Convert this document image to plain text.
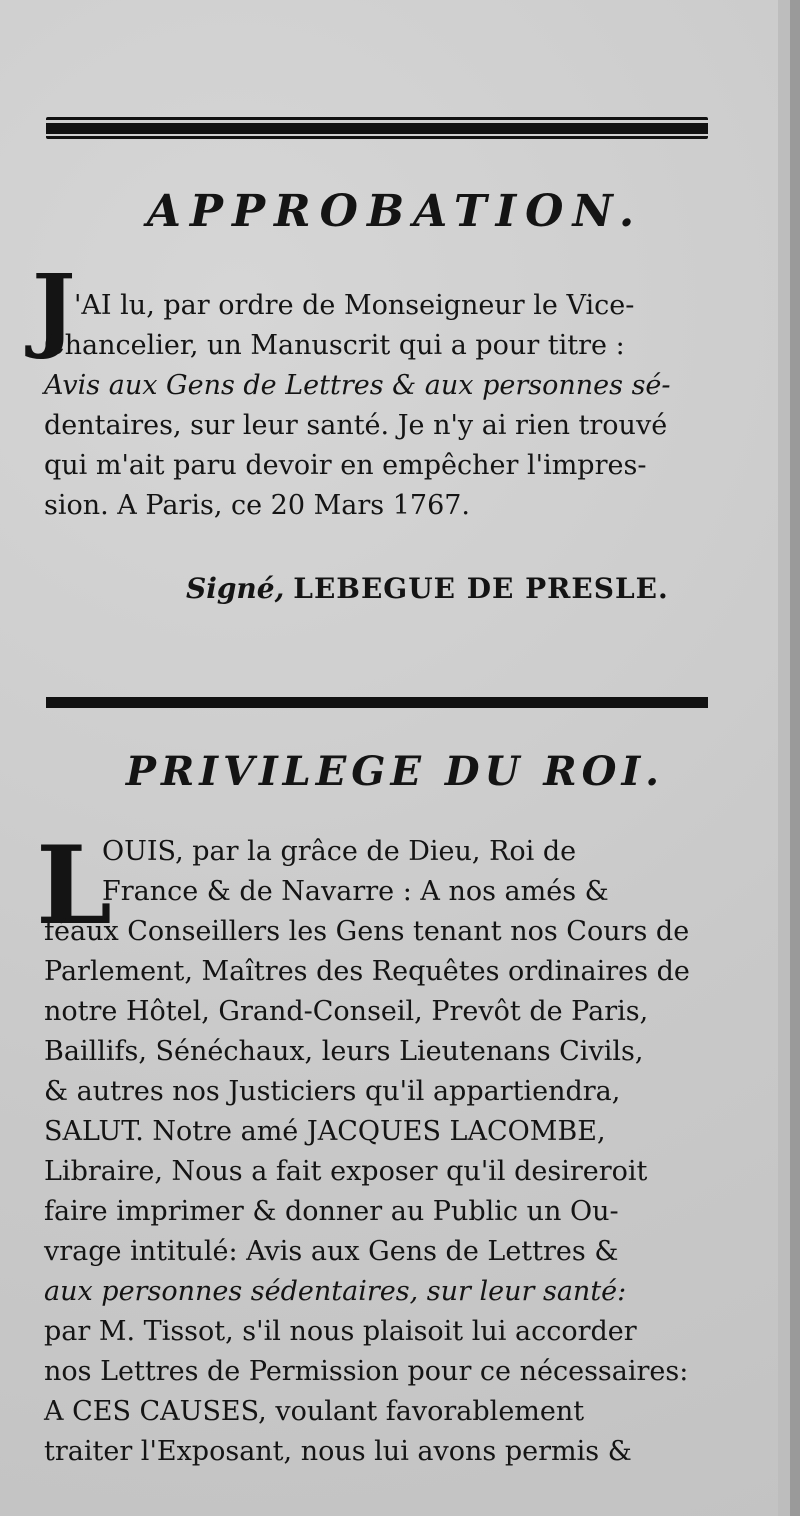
APPROBATION.
J
'AI lu, par ordre de Monseigneur le Vice-
Chancelier, un Manuscrit qui a pour titre :
Avis aux Gens de Lettres & aux personnes sé-
dentaires, sur leur santé. Je n'y ai rien trouvé
qui m'ait paru devoir en empêcher l'impres-
sion. A Paris, ce 20 Mars 1767.
Signé, LEBEGUE DE PRESLE.
PRIVILEGE DU ROI.
L
OUIS, par la grâce de Dieu, Roi de
France & de Navarre : A nos amés &
féaux Conseillers les Gens tenant nos Cours de
Parlement, Maîtres des Requêtes ordinaires de
notre Hôtel, Grand-Conseil, Prevôt de Paris,
Baillifs, Sénéchaux, leurs Lieutenans Civils,
& autres nos Justiciers qu'il appartiendra,
SALUT. Notre amé JACQUES LACOMBE,
Libraire, Nous a fait exposer qu'il desireroit
faire imprimer & donner au Public un Ou-
vrage intitulé: Avis aux Gens de Lettres &
aux personnes sédentaires, sur leur santé:
par M. Tissot, s'il nous plaisoit lui accorder
nos Lettres de Permission pour ce nécessaires:
A CES CAUSES, voulant favorablement
traiter l'Exposant, nous lui avons permis &
